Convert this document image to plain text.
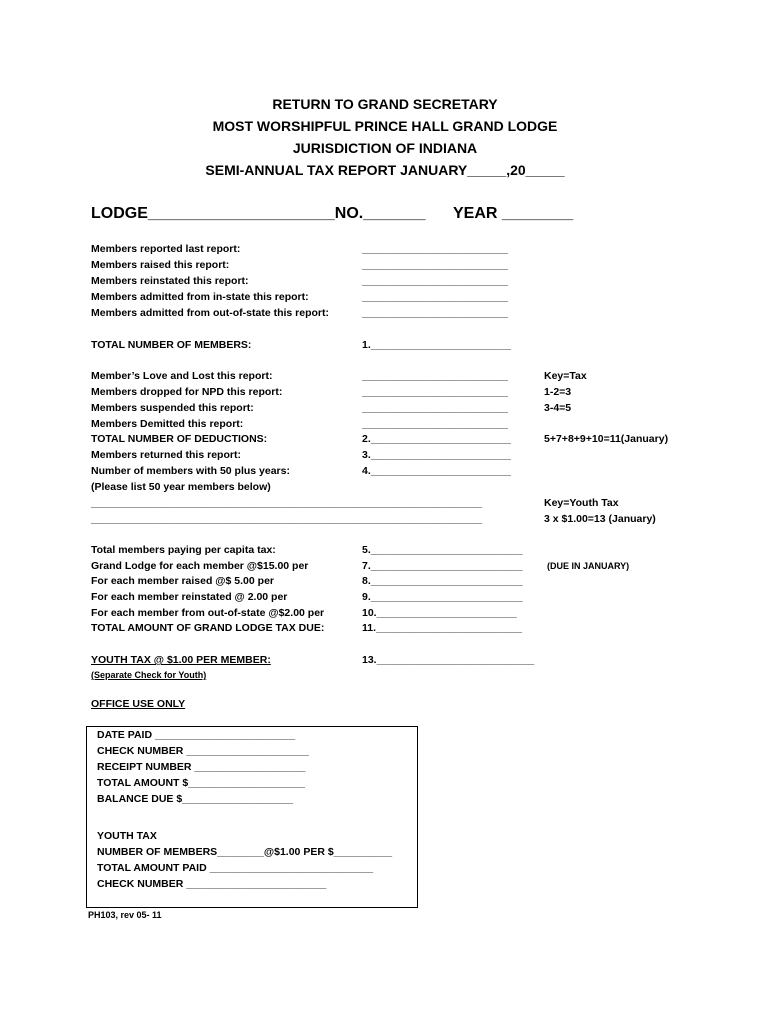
RETURN TO GRAND SECRETARY
MOST WORSHIPFUL PRINCE HALL GRAND LODGE
JURISDICTION OF INDIANA
SEMI-ANNUAL TAX REPORT JANUARY_____,20_____
LODGE_____________________NO._______ YEAR ________
Members reported last report:	_________________________
Members raised this report:	_________________________
Members reinstated this report:	_________________________
Members admitted from in-state this report:	_________________________
Members admitted from out-of-state this report:	_________________________
TOTAL NUMBER OF MEMBERS:	1.________________________
Member’s Love and Lost this report:	_________________________
Members dropped for NPD this report:	_________________________
Members suspended this report:	_________________________
Members Demitted this report:	_________________________
TOTAL NUMBER OF DEDUCTIONS:	2.________________________
Members returned this report:	3.________________________
Number of members with 50 plus years:	4.________________________
(Please list 50 year members below)
Key=Tax
1-2=3
3-4=5
5+7+8+9+10=11(January)
___________________________________________________________________
___________________________________________________________________
Key=Youth Tax
3 x $1.00=13 (January)
Total members paying per capita tax:	5.__________________________
Grand Lodge for each member @$15.00 per	7.__________________________	(DUE IN JANUARY)
For each member raised @$ 5.00 per	8.__________________________
For each member reinstated @ 2.00 per	9.__________________________
For each member from out-of-state @$2.00 per	10.________________________
TOTAL AMOUNT OF GRAND LODGE TAX DUE:	11._________________________
YOUTH TAX @ $1.00 PER MEMBER:	13.___________________________
(Separate Check for Youth)
OFFICE USE ONLY
DATE PAID ________________________
CHECK NUMBER _____________________
RECEIPT NUMBER ___________________
TOTAL AMOUNT $____________________
BALANCE DUE $___________________
YOUTH TAX
NUMBER OF MEMBERS________@$1.00 PER $__________
TOTAL AMOUNT PAID ____________________________
CHECK NUMBER ________________________
PH103, rev 05- 11
